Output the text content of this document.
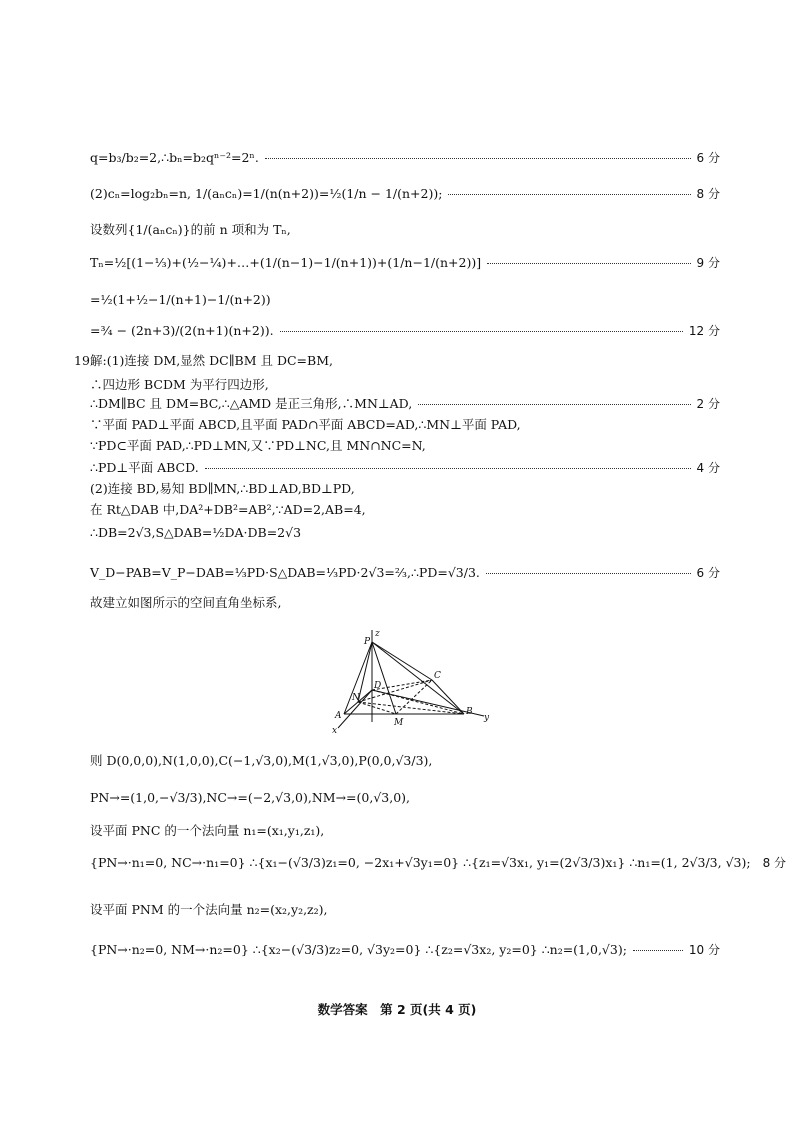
q=b₃/b₂=2,∴bₙ=b₂qⁿ⁻²=2ⁿ.	6 分
(2)cₙ=log₂bₙ=n, 1/(aₙcₙ)=1/(n(n+2))=½(1/n − 1/(n+2));	8 分
设数列{1/(aₙcₙ)}的前 n 项和为 Tₙ,
Tₙ=½[(1−⅓)+(½−¼)+…+(1/(n−1)−1/(n+1))+(1/n−1/(n+2))]	9 分
=½(1+½−1/(n+1)−1/(n+2))
=¾ − (2n+3)/(2(n+1)(n+2)).	12 分
解:(1)连接 DM,显然 DC∥BM 且 DC=BM,
∴四边形 BCDM 为平行四边形,
∴DM∥BC 且 DM=BC,∴△AMD 是正三角形,∴MN⊥AD,	2 分
∵平面 PAD⊥平面 ABCD,且平面 PAD∩平面 ABCD=AD,∴MN⊥平面 PAD,
∵PD⊂平面 PAD,∴PD⊥MN,又∵PD⊥NC,且 MN∩NC=N,
∴PD⊥平面 ABCD.	4 分
(2)连接 BD,易知 BD∥MN,∴BD⊥AD,BD⊥PD,
在 Rt△DAB 中,DA²+DB²=AB²,∵AD=2,AB=4,
∴DB=2√3,S△DAB=½DA·DB=2√3
V_D−PAB=V_P−DAB=⅓PD·S△DAB=⅓PD·2√3=⅔,∴PD=√3/3.	6 分
故建立如图所示的空间直角坐标系,
则 D(0,0,0),N(1,0,0),C(−1,√3,0),M(1,√3,0),P(0,0,√3/3),
PN→=(1,0,−√3/3),NC→=(−2,√3,0),NM→=(0,√3,0),
设平面 PNC 的一个法向量 n₁=(x₁,y₁,z₁),
{PN→·n₁=0, NC→·n₁=0} ∴{x₁−(√3/3)z₁=0, −2x₁+√3y₁=0} ∴{z₁=√3x₁, y₁=(2√3/3)x₁} ∴n₁=(1, 2√3/3, √3); 8 分
设平面 PNM 的一个法向量 n₂=(x₂,y₂,z₂),
{PN→·n₂=0, NM→·n₂=0} ∴{x₂−(√3/3)z₂=0, √3y₂=0} ∴{z₂=√3x₂, y₂=0} ∴n₂=(1,0,√3);	10 分
19.
z
P
C
D
N
A
M
B
y
x
数学答案　第 2 页(共 4 页)
